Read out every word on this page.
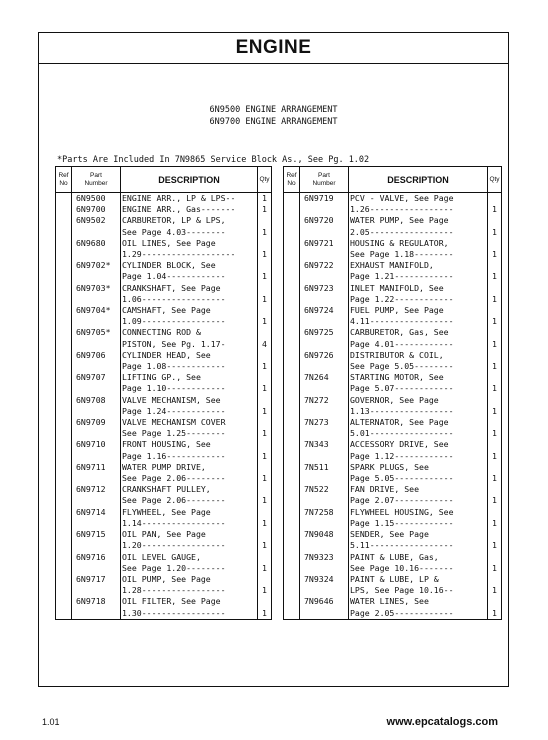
ENGINE
6N9500 ENGINE ARRANGEMENT
6N9700 ENGINE ARRANGEMENT
*Parts Are Included In 7N9865 Service Block As., See Pg. 1.02
Ref
No	Part
Number	DESCRIPTION	Qty
	6N9500	ENGINE ARR., LP & LPS--	1
	6N9700	ENGINE ARR., Gas-------	1
	6N9502	CARBURETOR, LP & LPS,
See Page 4.03--------	1
	6N9680	OIL LINES, See Page
1.29-------------------	1
	6N9702*	CYLINDER BLOCK, See
Page 1.04------------	1
	6N9703*	CRANKSHAFT, See Page
1.06-----------------	1
	6N9704*	CAMSHAFT, See Page
1.09-----------------	1
	6N9705*	CONNECTING ROD &
PISTON, See Pg. 1.17-	4
	6N9706	CYLINDER HEAD, See
Page 1.08------------	1
	6N9707	LIFTING GP., See
Page 1.10------------	1
	6N9708	VALVE MECHANISM, See
Page 1.24------------	1
	6N9709	VALVE MECHANISM COVER
See Page 1.25--------	1
	6N9710	FRONT HOUSING, See
Page 1.16------------	1
	6N9711	WATER PUMP DRIVE,
See Page 2.06--------	1
	6N9712	CRANKSHAFT PULLEY,
See Page 2.06--------	1
	6N9714	FLYWHEEL, See Page
1.14-----------------	1
	6N9715	OIL PAN, See Page
1.20-----------------	1
	6N9716	OIL LEVEL GAUGE,
See Page 1.20--------	1
	6N9717	OIL PUMP, See Page
1.28-----------------	1
	6N9718	OIL FILTER, See Page
1.30-----------------	1
Ref
No	Part
Number	DESCRIPTION	Qty
	6N9719	PCV - VALVE, See Page
1.26-----------------	1
	6N9720	WATER PUMP, See Page
2.05-----------------	1
	6N9721	HOUSING & REGULATOR,
See Page 1.18--------	1
	6N9722	EXHAUST MANIFOLD,
Page 1.21------------	1
	6N9723	INLET MANIFOLD, See
Page 1.22------------	1
	6N9724	FUEL PUMP, See Page
4.11-----------------	1
	6N9725	CARBURETOR, Gas, See
Page 4.01------------	1
	6N9726	DISTRIBUTOR & COIL,
See Page 5.05--------	1
	7N264	STARTING MOTOR, See
Page 5.07------------	1
	7N272	GOVERNOR, See Page
1.13-----------------	1
	7N273	ALTERNATOR, See Page
5.01-----------------	1
	7N343	ACCESSORY DRIVE, See
Page 1.12------------	1
	7N511	SPARK PLUGS, See
Page 5.05------------	1
	7N522	FAN DRIVE, See
Page 2.07------------	1
	7N7258	FLYWHEEL HOUSING, See
Page 1.15------------	1
	7N9048	SENDER, See Page
5.11-----------------	1
	7N9323	PAINT & LUBE, Gas,
See Page 10.16-------	1
	7N9324	PAINT & LUBE, LP &
LPS, See Page 10.16--	1
	7N9646	WATER LINES, See
Page 2.05------------	1
1.01	www.epcatalogs.com
